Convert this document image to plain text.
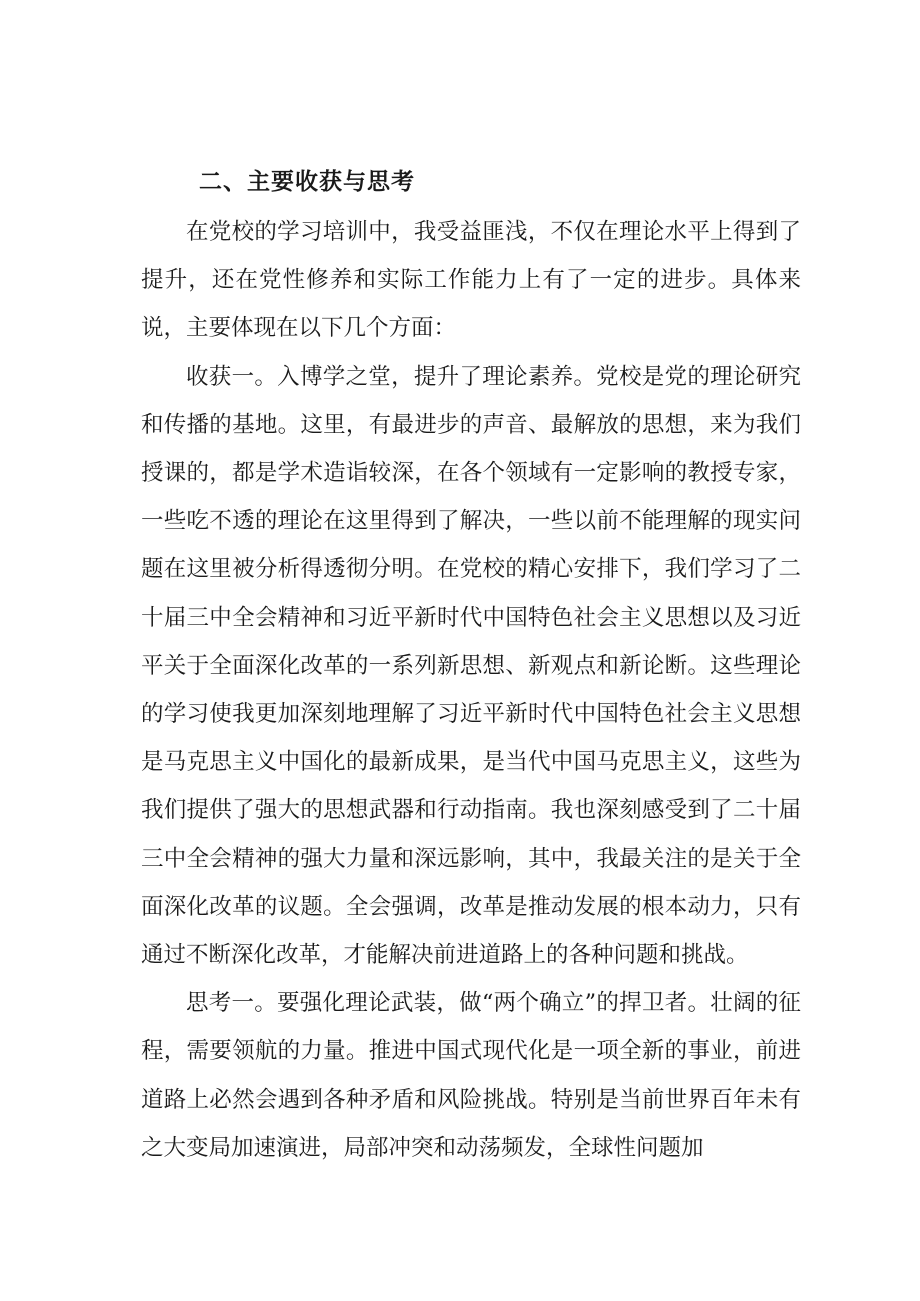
二、主要收获与思考

在党校的学习培训中，我受益匪浅，不仅在理论水平上得到了提升，还在党性修养和实际工作能力上有了一定的进步。具体来说，主要体现在以下几个方面：

收获一。入博学之堂，提升了理论素养。党校是党的理论研究和传播的基地。这里，有最进步的声音、最解放的思想，来为我们授课的，都是学术造诣较深，在各个领域有一定影响的教授专家，一些吃不透的理论在这里得到了解决，一些以前不能理解的现实问题在这里被分析得透彻分明。在党校的精心安排下，我们学习了二十届三中全会精神和习近平新时代中国特色社会主义思想以及习近平关于全面深化改革的一系列新思想、新观点和新论断。这些理论的学习使我更加深刻地理解了习近平新时代中国特色社会主义思想是马克思主义中国化的最新成果，是当代中国马克思主义，这些为我们提供了强大的思想武器和行动指南。我也深刻感受到了二十届三中全会精神的强大力量和深远影响，其中，我最关注的是关于全面深化改革的议题。全会强调，改革是推动发展的根本动力，只有通过不断深化改革，才能解决前进道路上的各种问题和挑战。

思考一。要强化理论武装，做“两个确立”的捍卫者。壮阔的征程，需要领航的力量。推进中国式现代化是一项全新的事业，前进道路上必然会遇到各种矛盾和风险挑战。特别是当前世界百年未有之大变局加速演进，局部冲突和动荡频发，全球性问题加
